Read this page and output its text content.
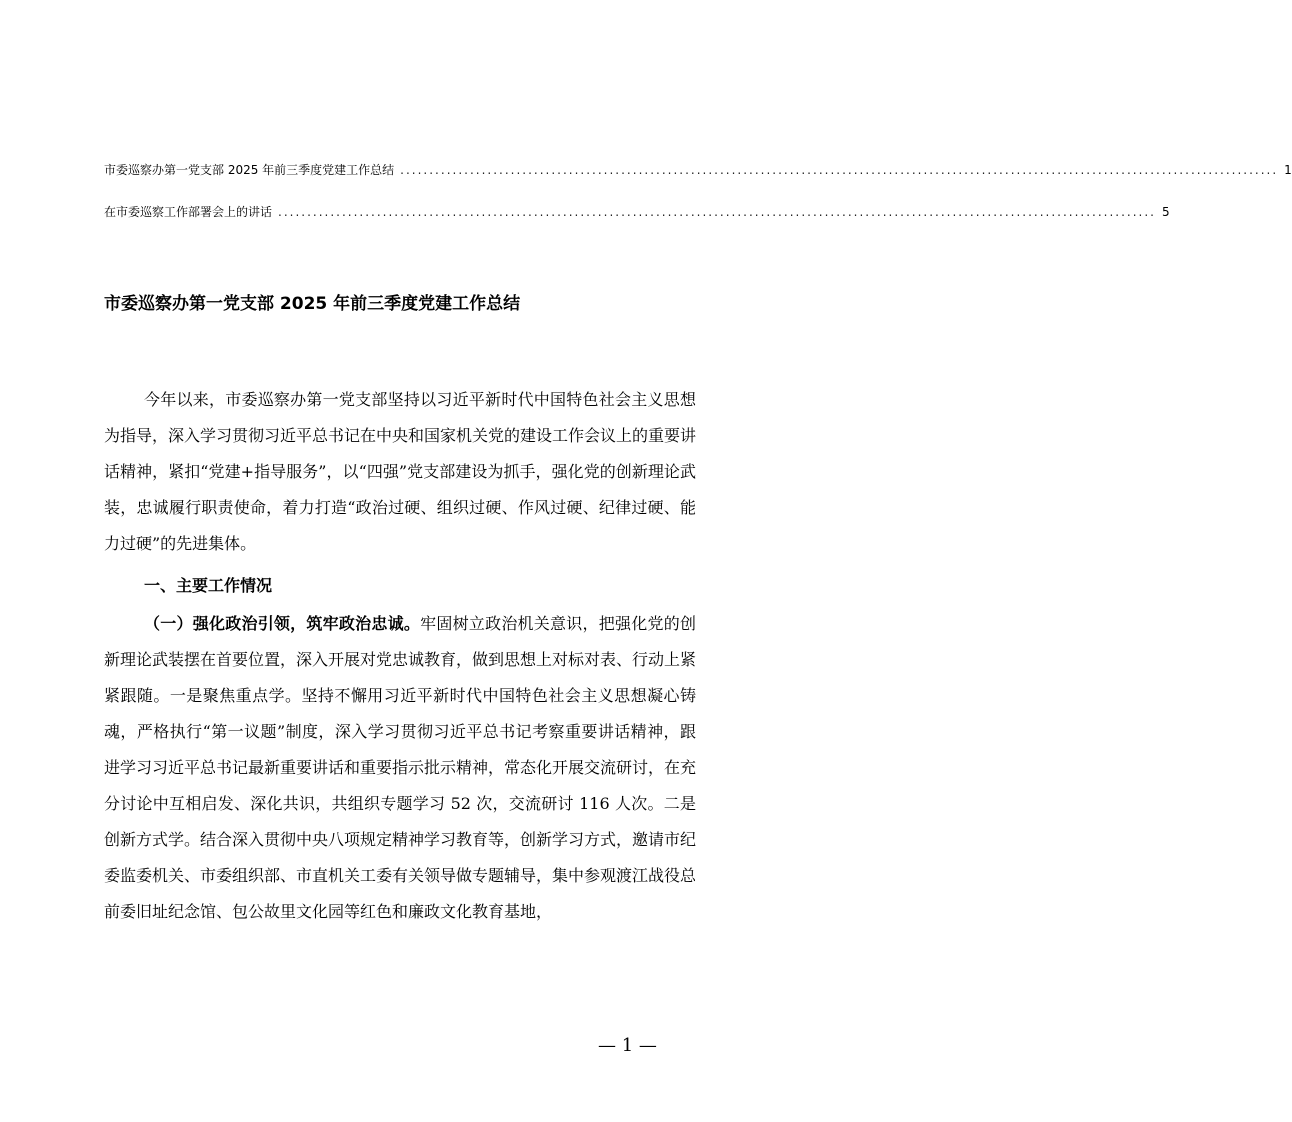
市委巡察办第一党支部 2025 年前三季度党建工作总结 ....................................................................................................................................................... 1
在市委巡察工作部署会上的讲话 ....................................................................................................................................................... 5
市委巡察办第一党支部 2025 年前三季度党建工作总结

今年以来，市委巡察办第一党支部坚持以习近平新时代中国特色社会主义思想为指导，深入学习贯彻习近平总书记在中央和国家机关党的建设工作会议上的重要讲话精神，紧扣“党建+指导服务”，以“四强”党支部建设为抓手，强化党的创新理论武装，忠诚履行职责使命，着力打造“政治过硬、组织过硬、作风过硬、纪律过硬、能力过硬”的先进集体。

一、主要工作情况

（一）强化政治引领，筑牢政治忠诚。牢固树立政治机关意识，把强化党的创新理论武装摆在首要位置，深入开展对党忠诚教育，做到思想上对标对表、行动上紧紧跟随。一是聚焦重点学。坚持不懈用习近平新时代中国特色社会主义思想凝心铸魂，严格执行“第一议题”制度，深入学习贯彻习近平总书记考察重要讲话精神，跟进学习习近平总书记最新重要讲话和重要指示批示精神，常态化开展交流研讨，在充分讨论中互相启发、深化共识，共组织专题学习 52 次，交流研讨 116 人次。二是创新方式学。结合深入贯彻中央八项规定精神学习教育等，创新学习方式，邀请市纪委监委机关、市委组织部、市直机关工委有关领导做专题辅导，集中参观渡江战役总前委旧址纪念馆、包公故里文化园等红色和廉政文化教育基地，

— 1 —
